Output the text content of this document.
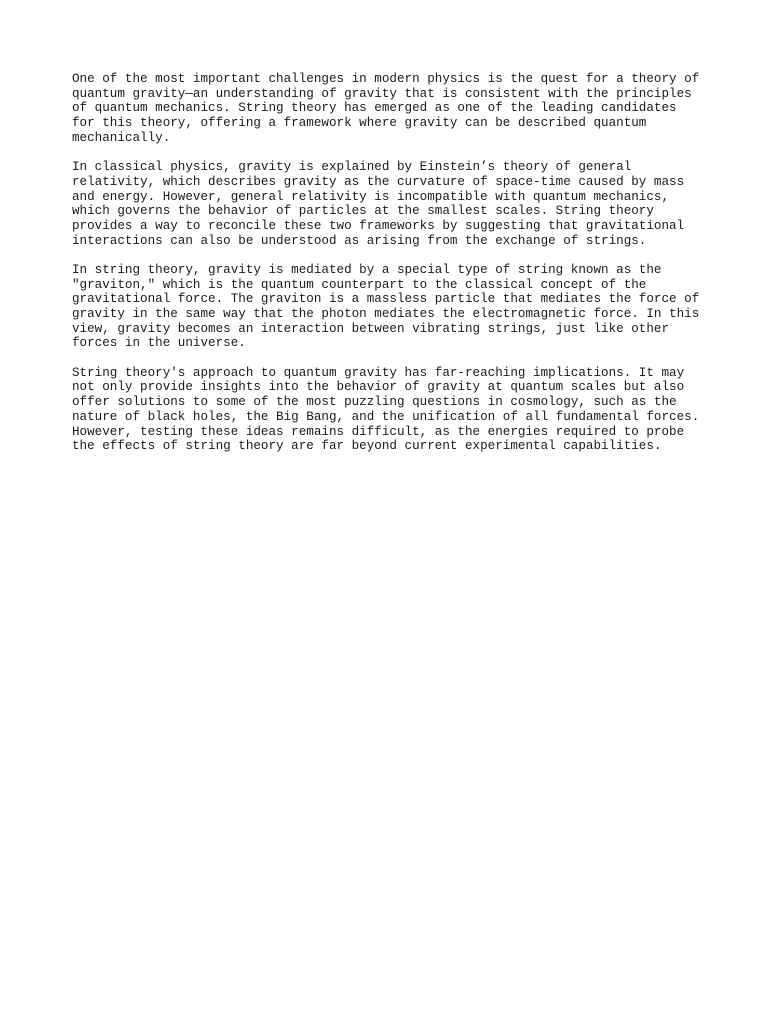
One of the most important challenges in modern physics is the quest for a theory of
quantum gravity—an understanding of gravity that is consistent with the principles
of quantum mechanics. String theory has emerged as one of the leading candidates
for this theory, offering a framework where gravity can be described quantum
mechanically.

In classical physics, gravity is explained by Einstein’s theory of general
relativity, which describes gravity as the curvature of space-time caused by mass
and energy. However, general relativity is incompatible with quantum mechanics,
which governs the behavior of particles at the smallest scales. String theory
provides a way to reconcile these two frameworks by suggesting that gravitational
interactions can also be understood as arising from the exchange of strings.

In string theory, gravity is mediated by a special type of string known as the
"graviton," which is the quantum counterpart to the classical concept of the
gravitational force. The graviton is a massless particle that mediates the force of
gravity in the same way that the photon mediates the electromagnetic force. In this
view, gravity becomes an interaction between vibrating strings, just like other
forces in the universe.

String theory's approach to quantum gravity has far-reaching implications. It may
not only provide insights into the behavior of gravity at quantum scales but also
offer solutions to some of the most puzzling questions in cosmology, such as the
nature of black holes, the Big Bang, and the unification of all fundamental forces.
However, testing these ideas remains difficult, as the energies required to probe
the effects of string theory are far beyond current experimental capabilities.
